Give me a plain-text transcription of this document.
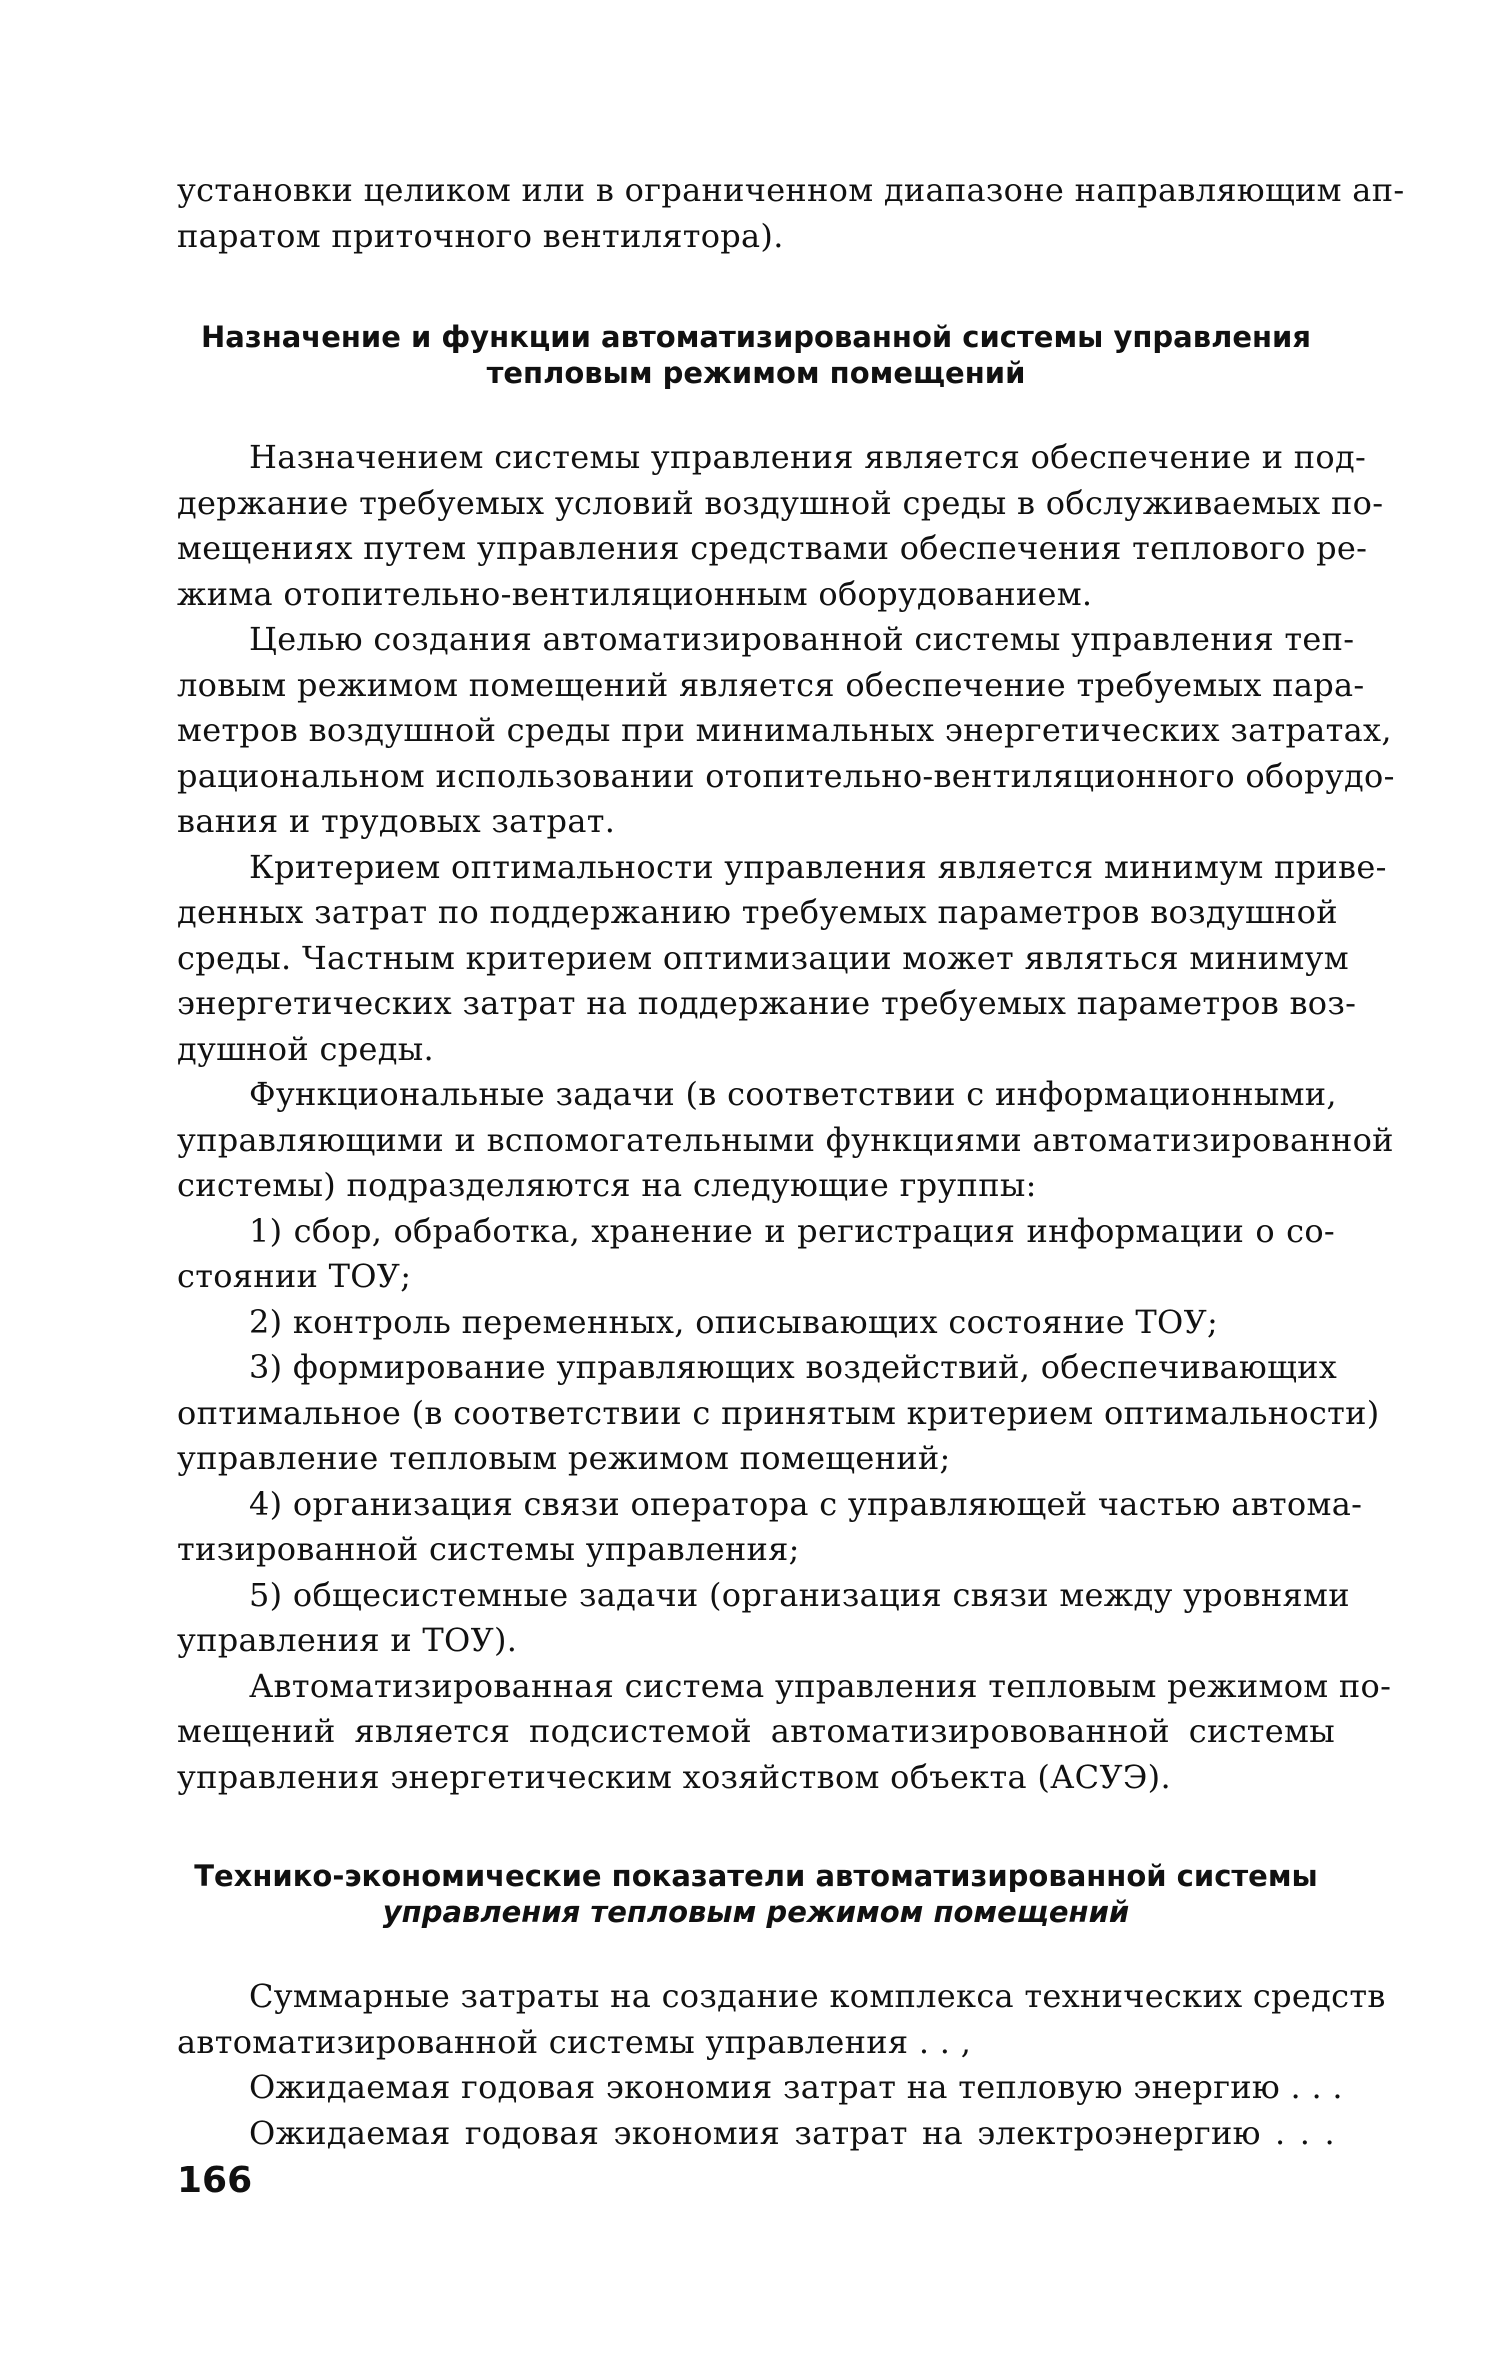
установки целиком или в ограниченном диапазоне направляющим ап-
паратом приточного вентилятора).
Назначение и функции автоматизированной системы управления
тепловым режимом помещений
Назначением системы управления является обеспечение и под-
держание требуемых условий воздушной среды в обслуживаемых по-
мещениях путем управления средствами обеспечения теплового ре-
жима отопительно-вентиляционным оборудованием.
Целью создания автоматизированной системы управления теп-
ловым режимом помещений является обеспечение требуемых пара-
метров воздушной среды при минимальных энергетических затратах,
рациональном использовании отопительно-вентиляционного оборудо-
вания и трудовых затрат.
Критерием оптимальности управления является минимум приве-
денных затрат по поддержанию требуемых параметров воздушной
среды. Частным критерием оптимизации может являться минимум
энергетических затрат на поддержание требуемых параметров воз-
душной среды.
Функциональные задачи (в соответствии с информационными,
управляющими и вспомогательными функциями автоматизированной
системы) подразделяются на следующие группы:
1) сбор, обработка, хранение и регистрация информации о со-
стоянии ТОУ;
2) контроль переменных, описывающих состояние ТОУ;
3) формирование управляющих воздействий, обеспечивающих
оптимальное (в соответствии с принятым критерием оптимальности)
управление тепловым режимом помещений;
4) организация связи оператора с управляющей частью автома-
тизированной системы управления;
5) общесистемные задачи (организация связи между уровнями
управления и ТОУ).
Автоматизированная система управления тепловым режимом по-
мещений является подсистемой автоматизировованной системы
управления энергетическим хозяйством объекта (АСУЭ).
Технико-экономические показатели автоматизированной системы
управления тепловым режимом помещений
Суммарные затраты на создание комплекса технических средств
автоматизированной системы управления . . ,
Ожидаемая годовая экономия затрат на тепловую энергию . . .
Ожидаемая годовая экономия затрат на электроэнергию . . .
166
